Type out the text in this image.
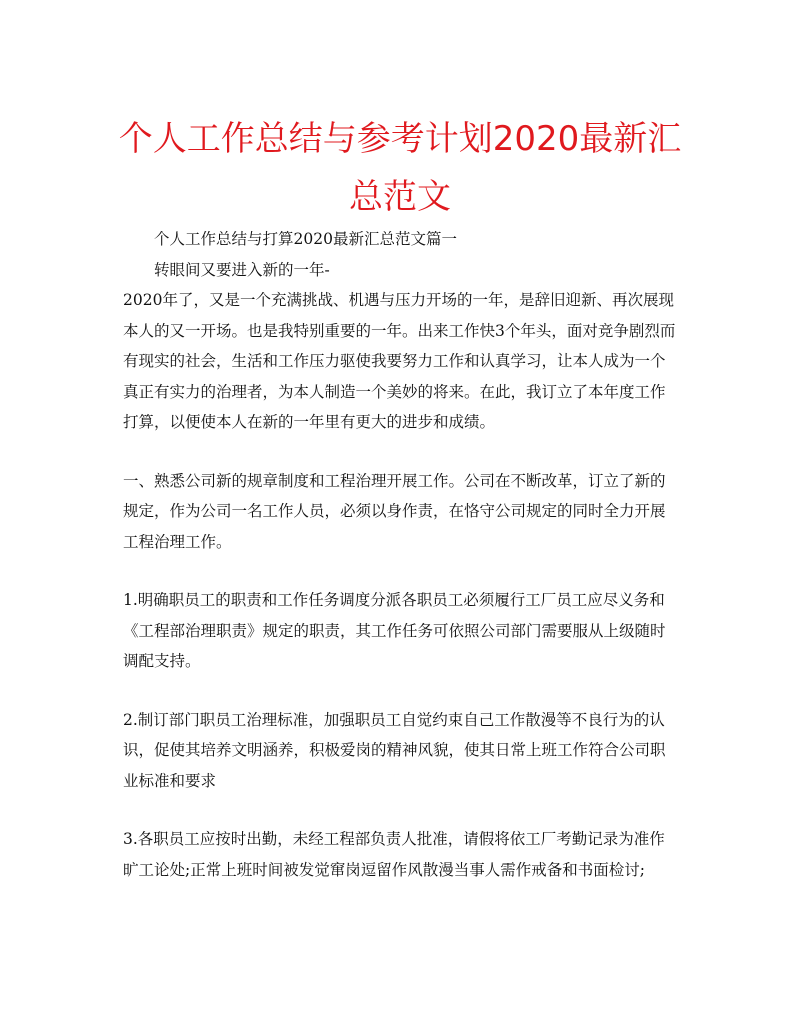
个人工作总结与参考计划2020最新汇总范文

个人工作总结与打算2020最新汇总范文篇一

转眼间又要进入新的一年-

2020年了，又是一个充满挑战、机遇与压力开场的一年，是辞旧迎新、再次展现本人的又一开场。也是我特别重要的一年。出来工作快3个年头，面对竞争剧烈而有现实的社会，生活和工作压力驱使我要努力工作和认真学习，让本人成为一个真正有实力的治理者，为本人制造一个美妙的将来。在此，我订立了本年度工作打算，以便使本人在新的一年里有更大的进步和成绩。

一、熟悉公司新的规章制度和工程治理开展工作。公司在不断改革，订立了新的规定，作为公司一名工作人员，必须以身作责，在恪守公司规定的同时全力开展工程治理工作。

1.明确职员工的职责和工作任务调度分派各职员工必须履行工厂员工应尽义务和《工程部治理职责》规定的职责，其工作任务可依照公司部门需要服从上级随时调配支持。

2.制订部门职员工治理标准，加强职员工自觉约束自己工作散漫等不良行为的认识，促使其培养文明涵养，积极爱岗的精神风貌，使其日常上班工作符合公司职业标准和要求

3.各职员工应按时出勤，未经工程部负责人批准，请假将依工厂考勤记录为准作旷工论处;正常上班时间被发觉窜岗逗留作风散漫当事人需作戒备和书面检讨;
